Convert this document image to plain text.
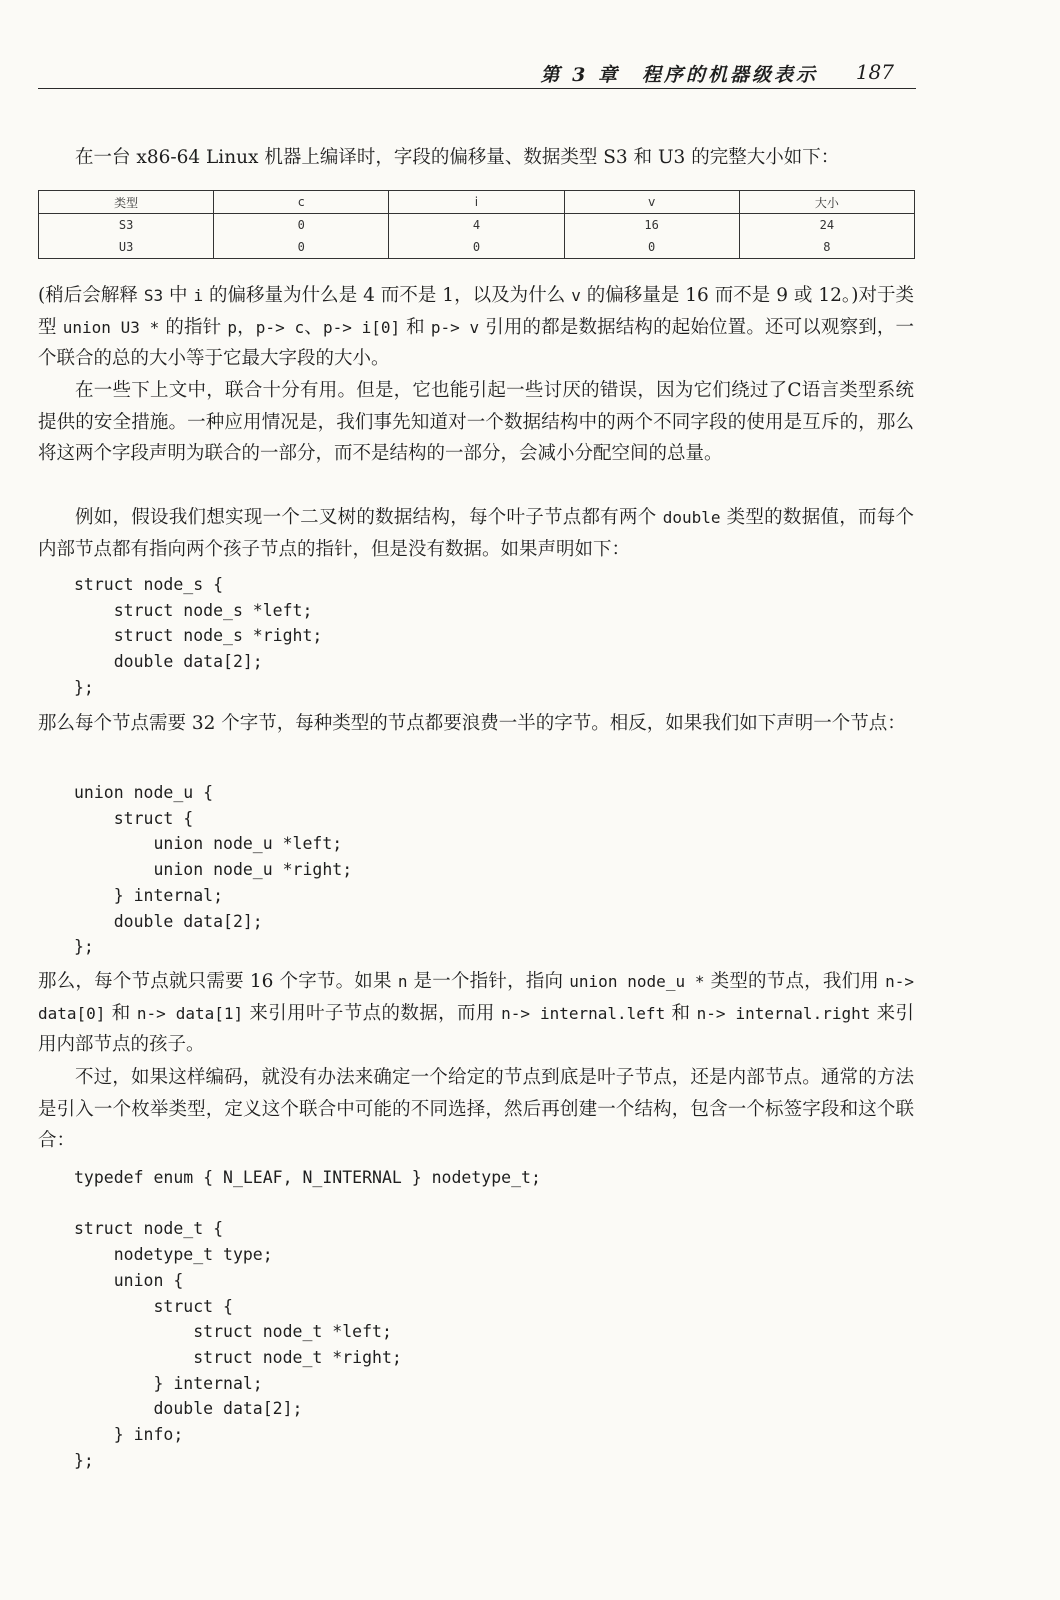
第 3 章　程序的机器级表示 187

在一台 x86-64 Linux 机器上编译时，字段的偏移量、数据类型 S3 和 U3 的完整大小如下：

类型	c	i	v	大小
S3	0	4	16	24
U3	0	0	0	8

(稍后会解释 S3 中 i 的偏移量为什么是 4 而不是 1，以及为什么 v 的偏移量是 16 而不是 9 或 12。)对于类型 union U3 * 的指针 p，p-> c、p-> i[0] 和 p-> v 引用的都是数据结构的起始位置。还可以观察到，一个联合的总的大小等于它最大字段的大小。

在一些下上文中，联合十分有用。但是，它也能引起一些讨厌的错误，因为它们绕过了C语言类型系统提供的安全措施。一种应用情况是，我们事先知道对一个数据结构中的两个不同字段的使用是互斥的，那么将这两个字段声明为联合的一部分，而不是结构的一部分，会减小分配空间的总量。

例如，假设我们想实现一个二叉树的数据结构，每个叶子节点都有两个 double 类型的数据值，而每个内部节点都有指向两个孩子节点的指针，但是没有数据。如果声明如下：

struct node_s {
struct node_s *left;
struct node_s *right;
double data[2];
};

那么每个节点需要 32 个字节，每种类型的节点都要浪费一半的字节。相反，如果我们如下声明一个节点：

union node_u {
struct {
union node_u *left;
union node_u *right;
} internal;
double data[2];
};

那么，每个节点就只需要 16 个字节。如果 n 是一个指针，指向 union node_u * 类型的节点，我们用 n-> data[0] 和 n-> data[1] 来引用叶子节点的数据，而用 n-> internal.left 和 n-> internal.right 来引用内部节点的孩子。

不过，如果这样编码，就没有办法来确定一个给定的节点到底是叶子节点，还是内部节点。通常的方法是引入一个枚举类型，定义这个联合中可能的不同选择，然后再创建一个结构，包含一个标签字段和这个联合：

typedef enum { N_LEAF, N_INTERNAL } nodetype_t;

struct node_t {
nodetype_t type;
union {
struct {
struct node_t *left;
struct node_t *right;
} internal;
double data[2];
} info;
};
